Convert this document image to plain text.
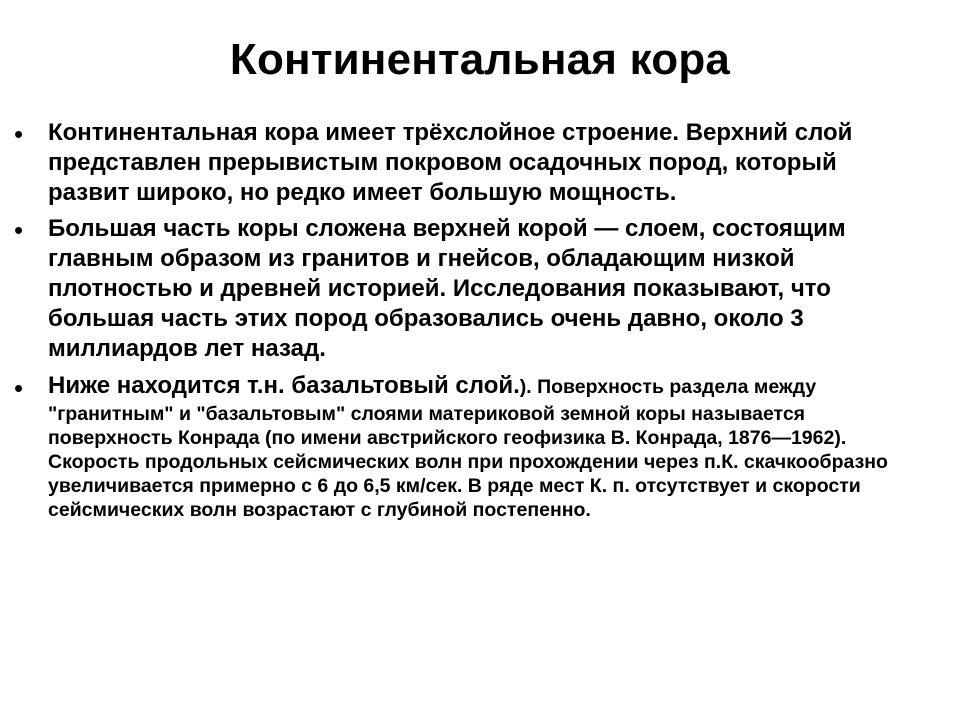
Континентальная кора
• Континентальная кора имеет трёхслойное строение. Верхний слой представлен прерывистым покровом осадочных пород, который развит широко, но редко имеет большую мощность.
• Большая часть коры сложена верхней корой — слоем, состоящим главным образом из гранитов и гнейсов, обладающим низкой плотностью и древней историей. Исследования показывают, что большая часть этих пород образовались очень давно, около 3 миллиардов лет назад.
• Ниже находится т.н. базальтовый слой.). Поверхность раздела между "гранитным" и "базальтовым" слоями материковой земной коры называется поверхность Конрада (по имени австрийского геофизика В. Конрада, 1876—1962). Скорость продольных сейсмических волн при прохождении через п.К. скачкообразно увеличивается примерно с 6 до 6,5 км/сек. В ряде мест К. п. отсутствует и скорости сейсмических волн возрастают с глубиной постепенно.
